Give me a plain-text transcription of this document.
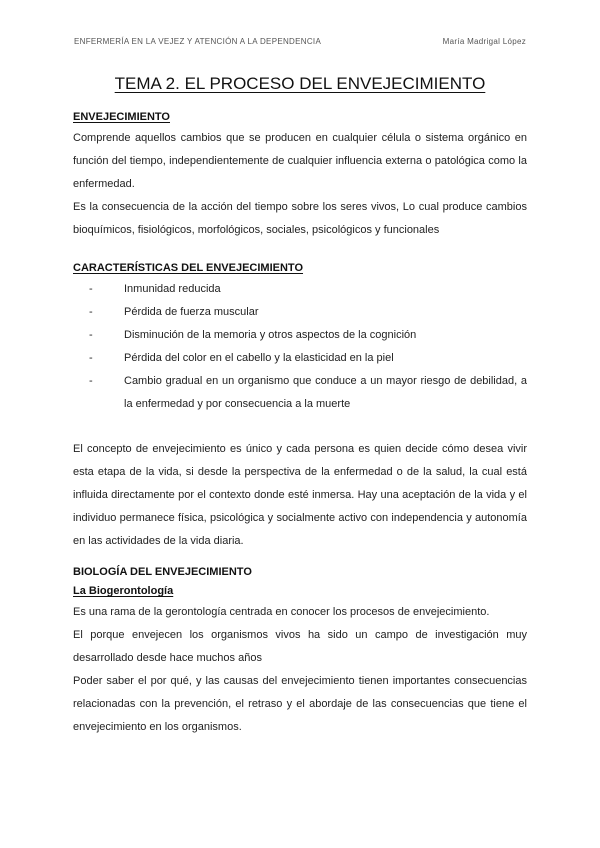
ENFERMERÍA EN LA VEJEZ Y ATENCIÓN A LA DEPENDENCIA	María Madrigal López
TEMA 2. EL PROCESO DEL ENVEJECIMIENTO
ENVEJECIMIENTO

Comprende aquellos cambios que se producen en cualquier célula o sistema orgánico en función del tiempo, independientemente de cualquier influencia externa o patológica como la enfermedad.

Es la consecuencia de la acción del tiempo sobre los seres vivos, Lo cual produce cambios bioquímicos, fisiológicos, morfológicos, sociales, psicológicos y funcionales

CARACTERÍSTICAS DEL ENVEJECIMIENTO
-	Inmunidad reducida
-	Pérdida de fuerza muscular
-	Disminución de la memoria y otros aspectos de la cognición
-	Pérdida del color en el cabello y la elasticidad en la piel
-	Cambio gradual en un organismo que conduce a un mayor riesgo de debilidad, a la enfermedad y por consecuencia a la muerte

El concepto de envejecimiento es único y cada persona es quien decide cómo desea vivir esta etapa de la vida, si desde la perspectiva de la enfermedad o de la salud, la cual está influida directamente por el contexto donde esté inmersa. Hay una aceptación de la vida y el individuo permanece física, psicológica y socialmente activo con independencia y autonomía en las actividades de la vida diaria.

BIOLOGÍA DEL ENVEJECIMIENTO
La Biogerontología

Es una rama de la gerontología centrada en conocer los procesos de envejecimiento.

El porque envejecen los organismos vivos ha sido un campo de investigación muy desarrollado desde hace muchos años

Poder saber el por qué, y las causas del envejecimiento tienen importantes consecuencias relacionadas con la prevención, el retraso y el abordaje de las consecuencias que tiene el envejecimiento en los organismos.
